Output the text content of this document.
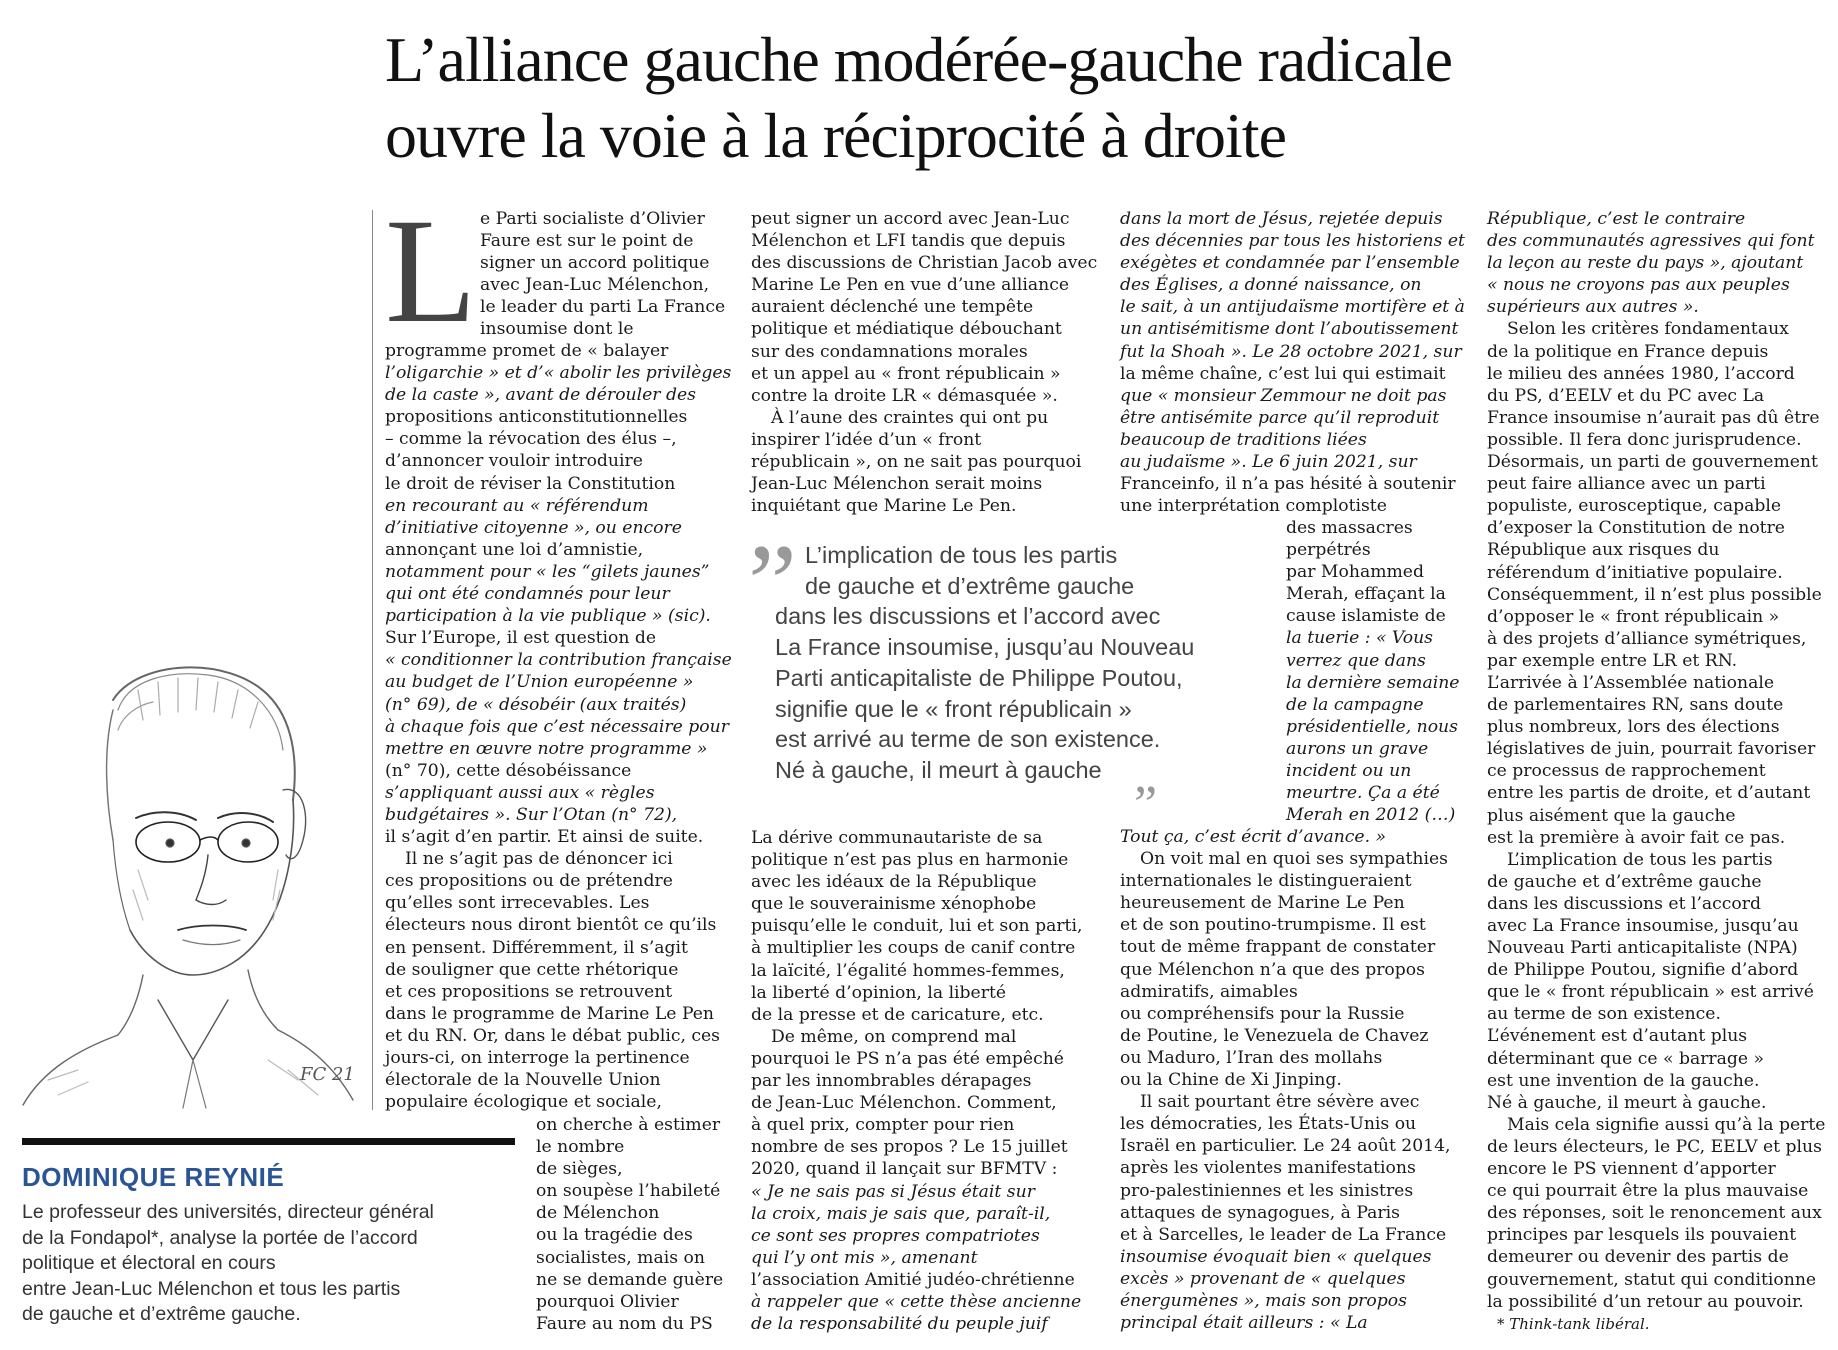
L’alliance gauche modérée-gauche radicale
ouvre la voie à la réciprocité à droite
FC 21
DOMINIQUE REYNIÉ

Le professeur des universités, directeur général

de la Fondapol*, analyse la portée de l’accord

politique et électoral en cours

entre Jean-Luc Mélenchon et tous les partis

de gauche et d’extrême gauche.

L e Parti socialiste d’Olivier

Faure est sur le point de

signer un accord politique

avec Jean-Luc Mélenchon,

le leader du parti La France

insoumise dont le

programme promet de « balayer

l’oligarchie » et d’« abolir les privilèges

de la caste », avant de dérouler des

propositions anticonstitutionnelles

– comme la révocation des élus –,

d’annoncer vouloir introduire

le droit de réviser la Constitution

en recourant au « référendum

d’initiative citoyenne », ou encore

annonçant une loi d’amnistie,

notamment pour « les “gilets jaunes”

qui ont été condamnés pour leur

participation à la vie publique » (sic).

Sur l’Europe, il est question de

« conditionner la contribution française

au budget de l’Union européenne »

(n° 69), de « désobéir (aux traités)

à chaque fois que c’est nécessaire pour

mettre en œuvre notre programme »

(n° 70), cette désobéissance

s’appliquant aussi aux « règles

budgétaires ». Sur l’Otan (n° 72),

il s’agit d’en partir. Et ainsi de suite.

Il ne s’agit pas de dénoncer ici

ces propositions ou de prétendre

qu’elles sont irrecevables. Les

électeurs nous diront bientôt ce qu’ils

en pensent. Différemment, il s’agit

de souligner que cette rhétorique

et ces propositions se retrouvent

dans le programme de Marine Le Pen

et du RN. Or, dans le débat public, ces

jours-ci, on interroge la pertinence

électorale de la Nouvelle Union

populaire écologique et sociale,

on cherche à estimer

le nombre

de sièges,

on soupèse l’habileté

de Mélenchon

ou la tragédie des

socialistes, mais on

ne se demande guère

pourquoi Olivier

Faure au nom du PS

peut signer un accord avec Jean-Luc

Mélenchon et LFI tandis que depuis

des discussions de Christian Jacob avec

Marine Le Pen en vue d’une alliance

auraient déclenché une tempête

politique et médiatique débouchant

sur des condamnations morales

et un appel au « front républicain »

contre la droite LR « démasquée ».

À l’aune des craintes qui ont pu

inspirer l’idée d’un « front

républicain », on ne sait pas pourquoi

Jean-Luc Mélenchon serait moins

inquiétant que Marine Le Pen.

” L’implication de tous les partis

de gauche et d’extrême gauche

dans les discussions et l’accord avec

La France insoumise, jusqu’au Nouveau

Parti anticapitaliste de Philippe Poutou,

signifie que le « front républicain »

est arrivé au terme de son existence.

Né à gauche, il meurt à gauche „

La dérive communautariste de sa

politique n’est pas plus en harmonie

avec les idéaux de la République

que le souverainisme xénophobe

puisqu’elle le conduit, lui et son parti,

à multiplier les coups de canif contre

la laïcité, l’égalité hommes-femmes,

la liberté d’opinion, la liberté

de la presse et de caricature, etc.

De même, on comprend mal

pourquoi le PS n’a pas été empêché

par les innombrables dérapages

de Jean-Luc Mélenchon. Comment,

à quel prix, compter pour rien

nombre de ses propos ? Le 15 juillet

2020, quand il lançait sur BFMTV :

« Je ne sais pas si Jésus était sur

la croix, mais je sais que, paraît-il,

ce sont ses propres compatriotes

qui l’y ont mis », amenant

l’association Amitié judéo-chrétienne

à rappeler que « cette thèse ancienne

de la responsabilité du peuple juif

dans la mort de Jésus, rejetée depuis

des décennies par tous les historiens et

exégètes et condamnée par l’ensemble

des Églises, a donné naissance, on

le sait, à un antijudaïsme mortifère et à

un antisémitisme dont l’aboutissement

fut la Shoah ». Le 28 octobre 2021, sur

la même chaîne, c’est lui qui estimait

que « monsieur Zemmour ne doit pas

être antisémite parce qu’il reproduit

beaucoup de traditions liées

au judaïsme ». Le 6 juin 2021, sur

Franceinfo, il n’a pas hésité à soutenir

une interprétation complotiste

des massacres

perpétrés

par Mohammed

Merah, effaçant la

cause islamiste de

la tuerie : « Vous

verrez que dans

la dernière semaine

de la campagne

présidentielle, nous

aurons un grave

incident ou un

meurtre. Ça a été

Merah en 2012 (…)

Tout ça, c’est écrit d’avance. »

On voit mal en quoi ses sympathies

internationales le distingueraient

heureusement de Marine Le Pen

et de son poutino-trumpisme. Il est

tout de même frappant de constater

que Mélenchon n’a que des propos

admiratifs, aimables

ou compréhensifs pour la Russie

de Poutine, le Venezuela de Chavez

ou Maduro, l’Iran des mollahs

ou la Chine de Xi Jinping.

Il sait pourtant être sévère avec

les démocraties, les États-Unis ou

Israël en particulier. Le 24 août 2014,

après les violentes manifestations

pro-palestiniennes et les sinistres

attaques de synagogues, à Paris

et à Sarcelles, le leader de La France

insoumise évoquait bien « quelques

excès » provenant de « quelques

énergumènes », mais son propos

principal était ailleurs : « La

République, c’est le contraire

des communautés agressives qui font

la leçon au reste du pays », ajoutant

« nous ne croyons pas aux peuples

supérieurs aux autres ».

Selon les critères fondamentaux

de la politique en France depuis

le milieu des années 1980, l’accord

du PS, d’EELV et du PC avec La

France insoumise n’aurait pas dû être

possible. Il fera donc jurisprudence.

Désormais, un parti de gouvernement

peut faire alliance avec un parti

populiste, eurosceptique, capable

d’exposer la Constitution de notre

République aux risques du

référendum d’initiative populaire.

Conséquemment, il n’est plus possible

d’opposer le « front républicain »

à des projets d’alliance symétriques,

par exemple entre LR et RN.

L’arrivée à l’Assemblée nationale

de parlementaires RN, sans doute

plus nombreux, lors des élections

législatives de juin, pourrait favoriser

ce processus de rapprochement

entre les partis de droite, et d’autant

plus aisément que la gauche

est la première à avoir fait ce pas.

L’implication de tous les partis

de gauche et d’extrême gauche

dans les discussions et l’accord

avec La France insoumise, jusqu’au

Nouveau Parti anticapitaliste (NPA)

de Philippe Poutou, signifie d’abord

que le « front républicain » est arrivé

au terme de son existence.

L’événement est d’autant plus

déterminant que ce « barrage »

est une invention de la gauche.

Né à gauche, il meurt à gauche.

Mais cela signifie aussi qu’à la perte

de leurs électeurs, le PC, EELV et plus

encore le PS viennent d’apporter

ce qui pourrait être la plus mauvaise

des réponses, soit le renoncement aux

principes par lesquels ils pouvaient

demeurer ou devenir des partis de

gouvernement, statut qui conditionne

la possibilité d’un retour au pouvoir.

* Think-tank libéral.
